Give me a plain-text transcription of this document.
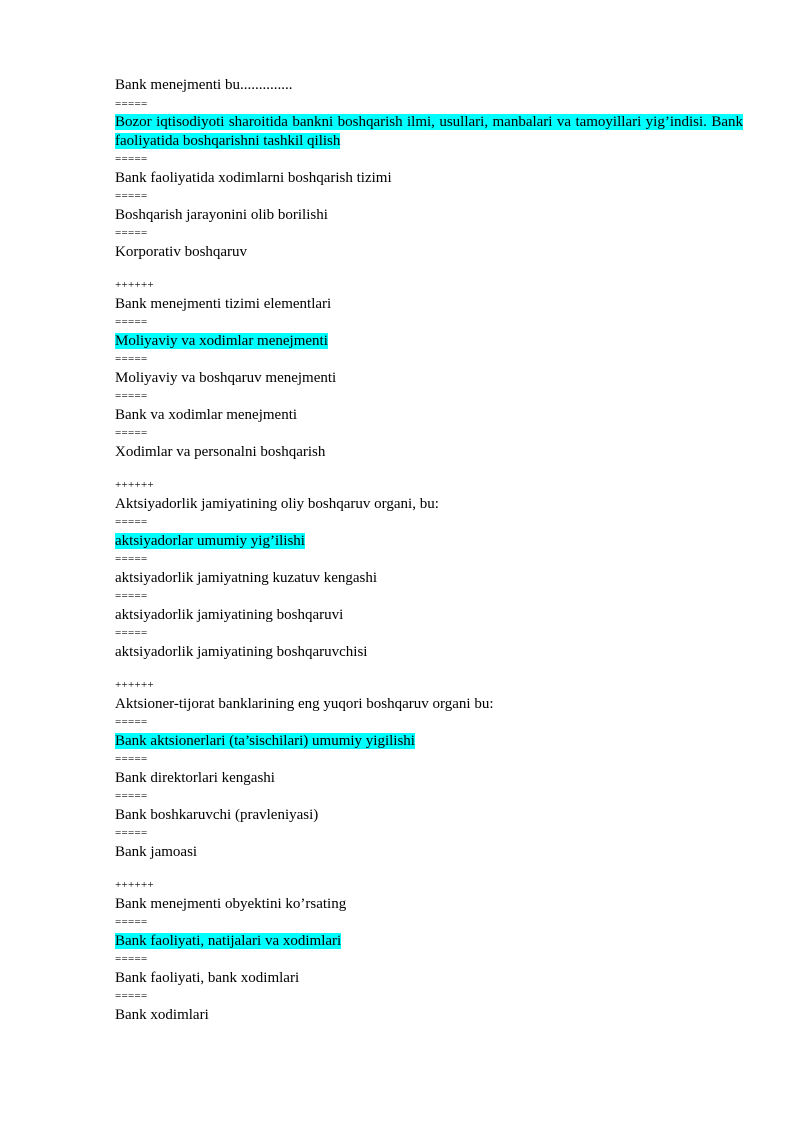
Bank menejmenti bu..............
=====
Bozor iqtisodiyoti sharoitida bankni boshqarish ilmi, usullari, manbalari va tamoyillari yig’indisi. Bank faoliyatida boshqarishni tashkil qilish
=====
Bank faoliyatida xodimlarni boshqarish tizimi
=====
Boshqarish jarayonini olib borilishi
=====
Korporativ boshqaruv
++++++
Bank menejmenti tizimi elementlari
=====
Moliyaviy va xodimlar menejmenti
=====
Moliyaviy va boshqaruv menejmenti
=====
Bank va xodimlar menejmenti
=====
Xodimlar va personalni boshqarish
++++++
Aktsiyadorlik jamiyatining oliy boshqaruv organi, bu:
=====
aktsiyadorlar umumiy yig’ilishi
=====
aktsiyadorlik jamiyatning kuzatuv kengashi
=====
aktsiyadorlik jamiyatining boshqaruvi
=====
aktsiyadorlik jamiyatining boshqaruvchisi
++++++
Aktsioner-tijorat banklarining eng yuqori boshqaruv organi bu:
=====
Bank aktsionerlari (ta’sischilari) umumiy yigilishi
=====
Bank direktorlari kengashi
=====
Bank boshkaruvchi (pravleniyasi)
=====
Bank jamoasi
++++++
Bank menejmenti obyektini ko’rsating
=====
Bank faoliyati, natijalari va xodimlari
=====
Bank faoliyati, bank xodimlari
=====
Bank xodimlari
